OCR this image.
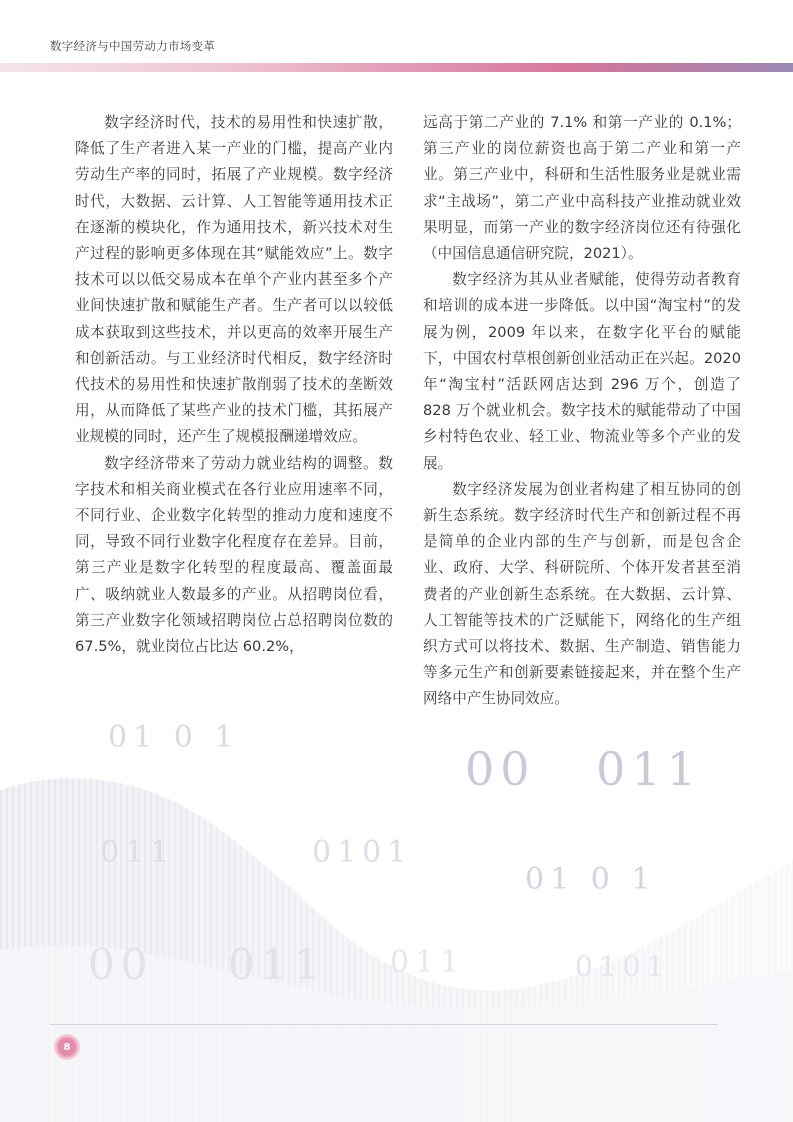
数字经济与中国劳动力市场变革

数字经济时代，技术的易用性和快速扩散，降低了生产者进入某一产业的门槛，提高产业内劳动生产率的同时，拓展了产业规模。数字经济时代，大数据、云计算、人工智能等通用技术正在逐渐的模块化，作为通用技术，新兴技术对生产过程的影响更多体现在其“赋能效应”上。数字技术可以以低交易成本在单个产业内甚至多个产业间快速扩散和赋能生产者。生产者可以以较低成本获取到这些技术，并以更高的效率开展生产和创新活动。与工业经济时代相反，数字经济时代技术的易用性和快速扩散削弱了技术的垄断效用，从而降低了某些产业的技术门槛，其拓展产业规模的同时，还产生了规模报酬递增效应。

数字经济带来了劳动力就业结构的调整。数字技术和相关商业模式在各行业应用速率不同，不同行业、企业数字化转型的推动力度和速度不同，导致不同行业数字化程度存在差异。目前，第三产业是数字化转型的程度最高、覆盖面最广、吸纳就业人数最多的产业。从招聘岗位看，第三产业数字化领域招聘岗位占总招聘岗位数的 67.5%，就业岗位占比达 60.2%，

远高于第二产业的 7.1% 和第一产业的 0.1%；第三产业的岗位薪资也高于第二产业和第一产业。第三产业中，科研和生活性服务业是就业需求“主战场”，第二产业中高科技产业推动就业效果明显，而第一产业的数字经济岗位还有待强化（中国信息通信研究院，2021）。

数字经济为其从业者赋能，使得劳动者教育和培训的成本进一步降低。以中国“淘宝村”的发展为例，2009 年以来，在数字化平台的赋能下，中国农村草根创新创业活动正在兴起。2020 年“淘宝村”活跃网店达到 296 万个，创造了 828 万个就业机会。数字技术的赋能带动了中国乡村特色农业、轻工业、物流业等多个产业的发展。

数字经济发展为创业者构建了相互协同的创新生态系统。数字经济时代生产和创新过程不再是简单的企业内部的生产与创新，而是包含企业、政府、大学、科研院所、个体开发者甚至消费者的产业创新生态系统。在大数据、云计算、人工智能等技术的广泛赋能下，网络化的生产组织方式可以将技术、数据、生产制造、销售能力等多元生产和创新要素链接起来，并在整个生产网络中产生协同效应。

01 0 1
00 011
011	0101
01 0 1
00 011 011	0101
8
